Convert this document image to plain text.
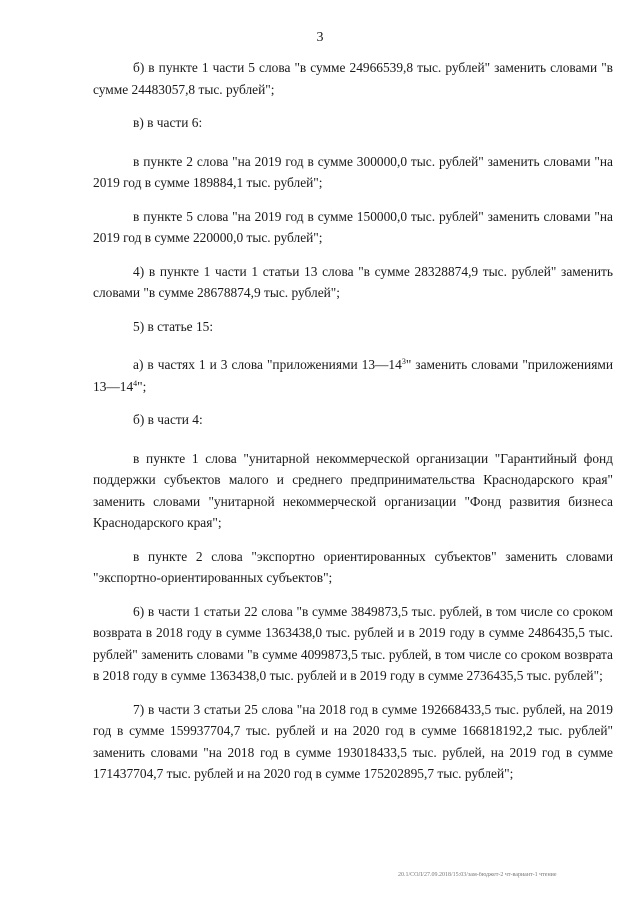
3

б) в пункте 1 части 5 слова "в сумме 24966539,8 тыс. рублей" заменить словами "в сумме 24483057,8 тыс. рублей";

в) в части 6:

в пункте 2 слова "на 2019 год в сумме 300000,0 тыс. рублей" заменить словами "на 2019 год в сумме 189884,1 тыс. рублей";

в пункте 5 слова "на 2019 год в сумме 150000,0 тыс. рублей" заменить словами "на 2019 год в сумме 220000,0 тыс. рублей";

4) в пункте 1 части 1 статьи 13 слова "в сумме 28328874,9 тыс. рублей" заменить словами "в сумме 28678874,9 тыс. рублей";

5) в статье 15:

а) в частях 1 и 3 слова "приложениями $13—14^3$" заменить словами "приложениями $13—14^4$";

б) в части 4:

в пункте 1 слова "унитарной некоммерческой организации "Гарантийный фонд поддержки субъектов малого и среднего предпринимательства Краснодарского края" заменить словами "унитарной некоммерческой организации "Фонд развития бизнеса Краснодарского края";

в пункте 2 слова "экспортно ориентированных субъектов" заменить словами "экспортно-ориентированных субъектов";

6) в части 1 статьи 22 слова "в сумме 3849873,5 тыс. рублей, в том числе со сроком возврата в 2018 году в сумме 1363438,0 тыс. рублей и в 2019 году в сумме 2486435,5 тыс. рублей" заменить словами "в сумме 4099873,5 тыс. рублей, в том числе со сроком возврата в 2018 году в сумме 1363438,0 тыс. рублей и в 2019 году в сумме 2736435,5 тыс. рублей";

7) в части 3 статьи 25 слова "на 2018 год в сумме 192668433,5 тыс. рублей, на 2019 год в сумме 159937704,7 тыс. рублей и на 2020 год в сумме 166818192,2 тыс. рублей" заменить словами "на 2018 год в сумме 193018433,5 тыс. рублей, на 2019 год в сумме 171437704,7 тыс. рублей и на 2020 год в сумме 175202895,7 тыс. рублей";

20.1/СОЛ/27.09.2018/15:03/зам-бюджет-2 чт-вариант-1 чтение
